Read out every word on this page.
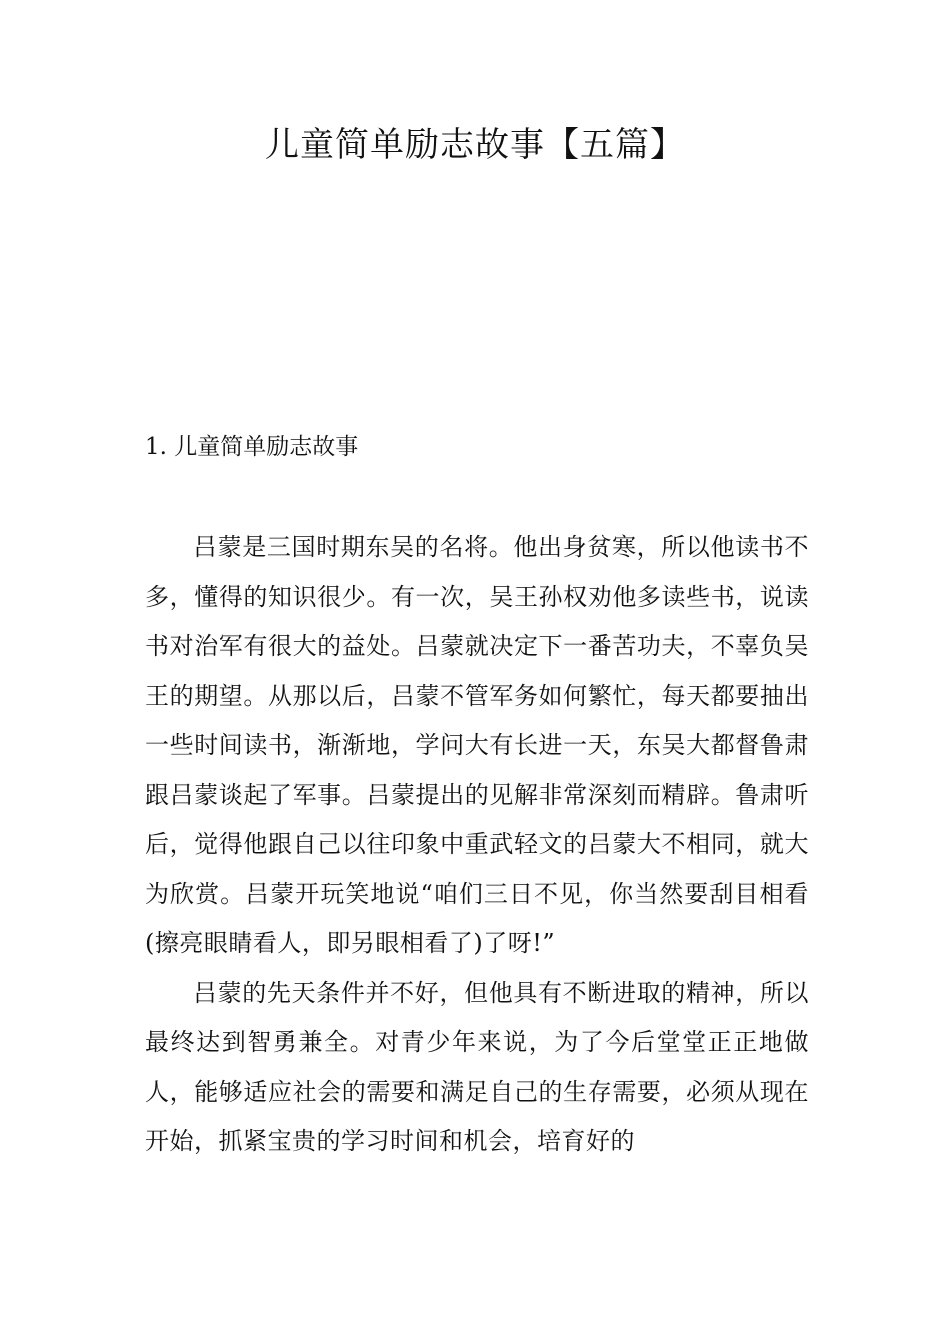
儿童简单励志故事【五篇】
1. 儿童简单励志故事

吕蒙是三国时期东吴的名将。他出身贫寒，所以他读书不多，懂得的知识很少。有一次，吴王孙权劝他多读些书，说读书对治军有很大的益处。吕蒙就决定下一番苦功夫，不辜负吴王的期望。从那以后，吕蒙不管军务如何繁忙，每天都要抽出一些时间读书，渐渐地，学问大有长进一天，东吴大都督鲁肃跟吕蒙谈起了军事。吕蒙提出的见解非常深刻而精辟。鲁肃听后，觉得他跟自己以往印象中重武轻文的吕蒙大不相同，就大为欣赏。吕蒙开玩笑地说“咱们三日不见，你当然要刮目相看(擦亮眼睛看人，即另眼相看了)了呀!”

吕蒙的先天条件并不好，但他具有不断进取的精神，所以最终达到智勇兼全。对青少年来说，为了今后堂堂正正地做人，能够适应社会的需要和满足自己的生存需要，必须从现在开始，抓紧宝贵的学习时间和机会，培育好的
